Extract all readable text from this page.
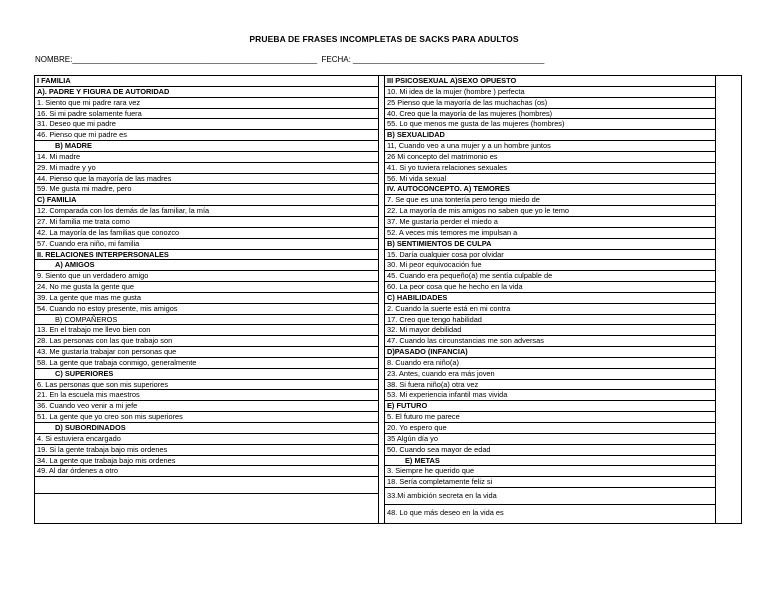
PRUEBA DE FRASES INCOMPLETAS DE SACKS PARA ADULTOS
NOMBRE:_______________________________________________________  FECHA: ___________________________________________
I FAMILIA
A). PADRE Y FIGURA DE AUTORIDAD
1. Siento que mi padre rara vez
16. Si mi padre solamente fuera
31. Deseo que mi padre
46. Pienso que mi padre es
B) MADRE
14. Mi madre
29. Mi madre y yo
44. Pienso que la mayoría de las madres
59. Me gusta mi madre, pero
C) FAMILIA
12. Comparada con los demás de las familiar, la mía
27. Mi familia me trata como
42. La mayoría de las familias que conozco
57. Cuando era niño, mi familia
II. RELACIONES INTERPERSONALES
A) AMIGOS
9. Siento que un verdadero amigo
24. No me gusta la gente que
39. La gente que mas me gusta
54. Cuando no estoy presente, mis amigos
B) COMPAÑEROS
13. En el trabajo me llevo bien con
28. Las personas con las que trabajo son
43. Me gustaría trabajar con personas que
58. La gente que trabaja conmigo, generalmente
C) SUPERIORES
6. Las personas que son mis superiores
21. En la escuela mis maestros
36. Cuando veo venir a mi jefe
51. La gente que yo creo son mis superiores
D) SUBORDINADOS
4. Si estuviera encargado
19. Si la gente trabaja bajo mis ordenes
34. La gente que trabaja bajo mis ordenes
49. Al dar órdenes a otro
III PSICOSEXUAL A)SEXO OPUESTO
10. Mi idea de la mujer (hombre ) perfecta
25 Pienso que la mayoría de las muchachas (os)
40. Creo que la mayoría de las mujeres (hombres)
55. Lo que menos me gusta de las mujeres (hombres)
B) SEXUALIDAD
11, Cuando veo a una mujer y a un hombre juntos
26 Mi concepto del matrimonio es
41. Si yo tuviera relaciones sexuales
56. Mi vida sexual
IV. AUTOCONCEPTO. A) TEMORES
7. Se que es una tontería pero tengo miedo de
22. La mayoría de mis amigos no saben que yo le temo
37. Me gustaría perder el miedo a
52. A veces mis temores me impulsan a
B) SENTIMIENTOS DE CULPA
15. Daría cualquier cosa por olvidar
30. Mi peor equivocación fue
45. Cuando era pequeño(a) me sentía culpable de
60. La peor cosa que he hecho en la vida
C) HABILIDADES
2. Cuando la suerte está en mi contra
17. Creo que tengo habilidad
32. Mi mayor debilidad
47. Cuando las circunstancias me son adversas
D)PASADO (INFANCIA)
8. Cuando era niño(a)
23. Antes, cuando era más joven
38. Si fuera niño(a) otra vez
53. Mi experiencia infantil mas vivida
E) FUTURO
5. El futuro me parece
20. Yo espero que
35 Algún día yo
50. Cuando sea mayor de edad
E) METAS
3. Siempre he querido que
18. Sería completamente feliz si
33.Mi ambición secreta en la vida
48. Lo que más deseo en la vida es
